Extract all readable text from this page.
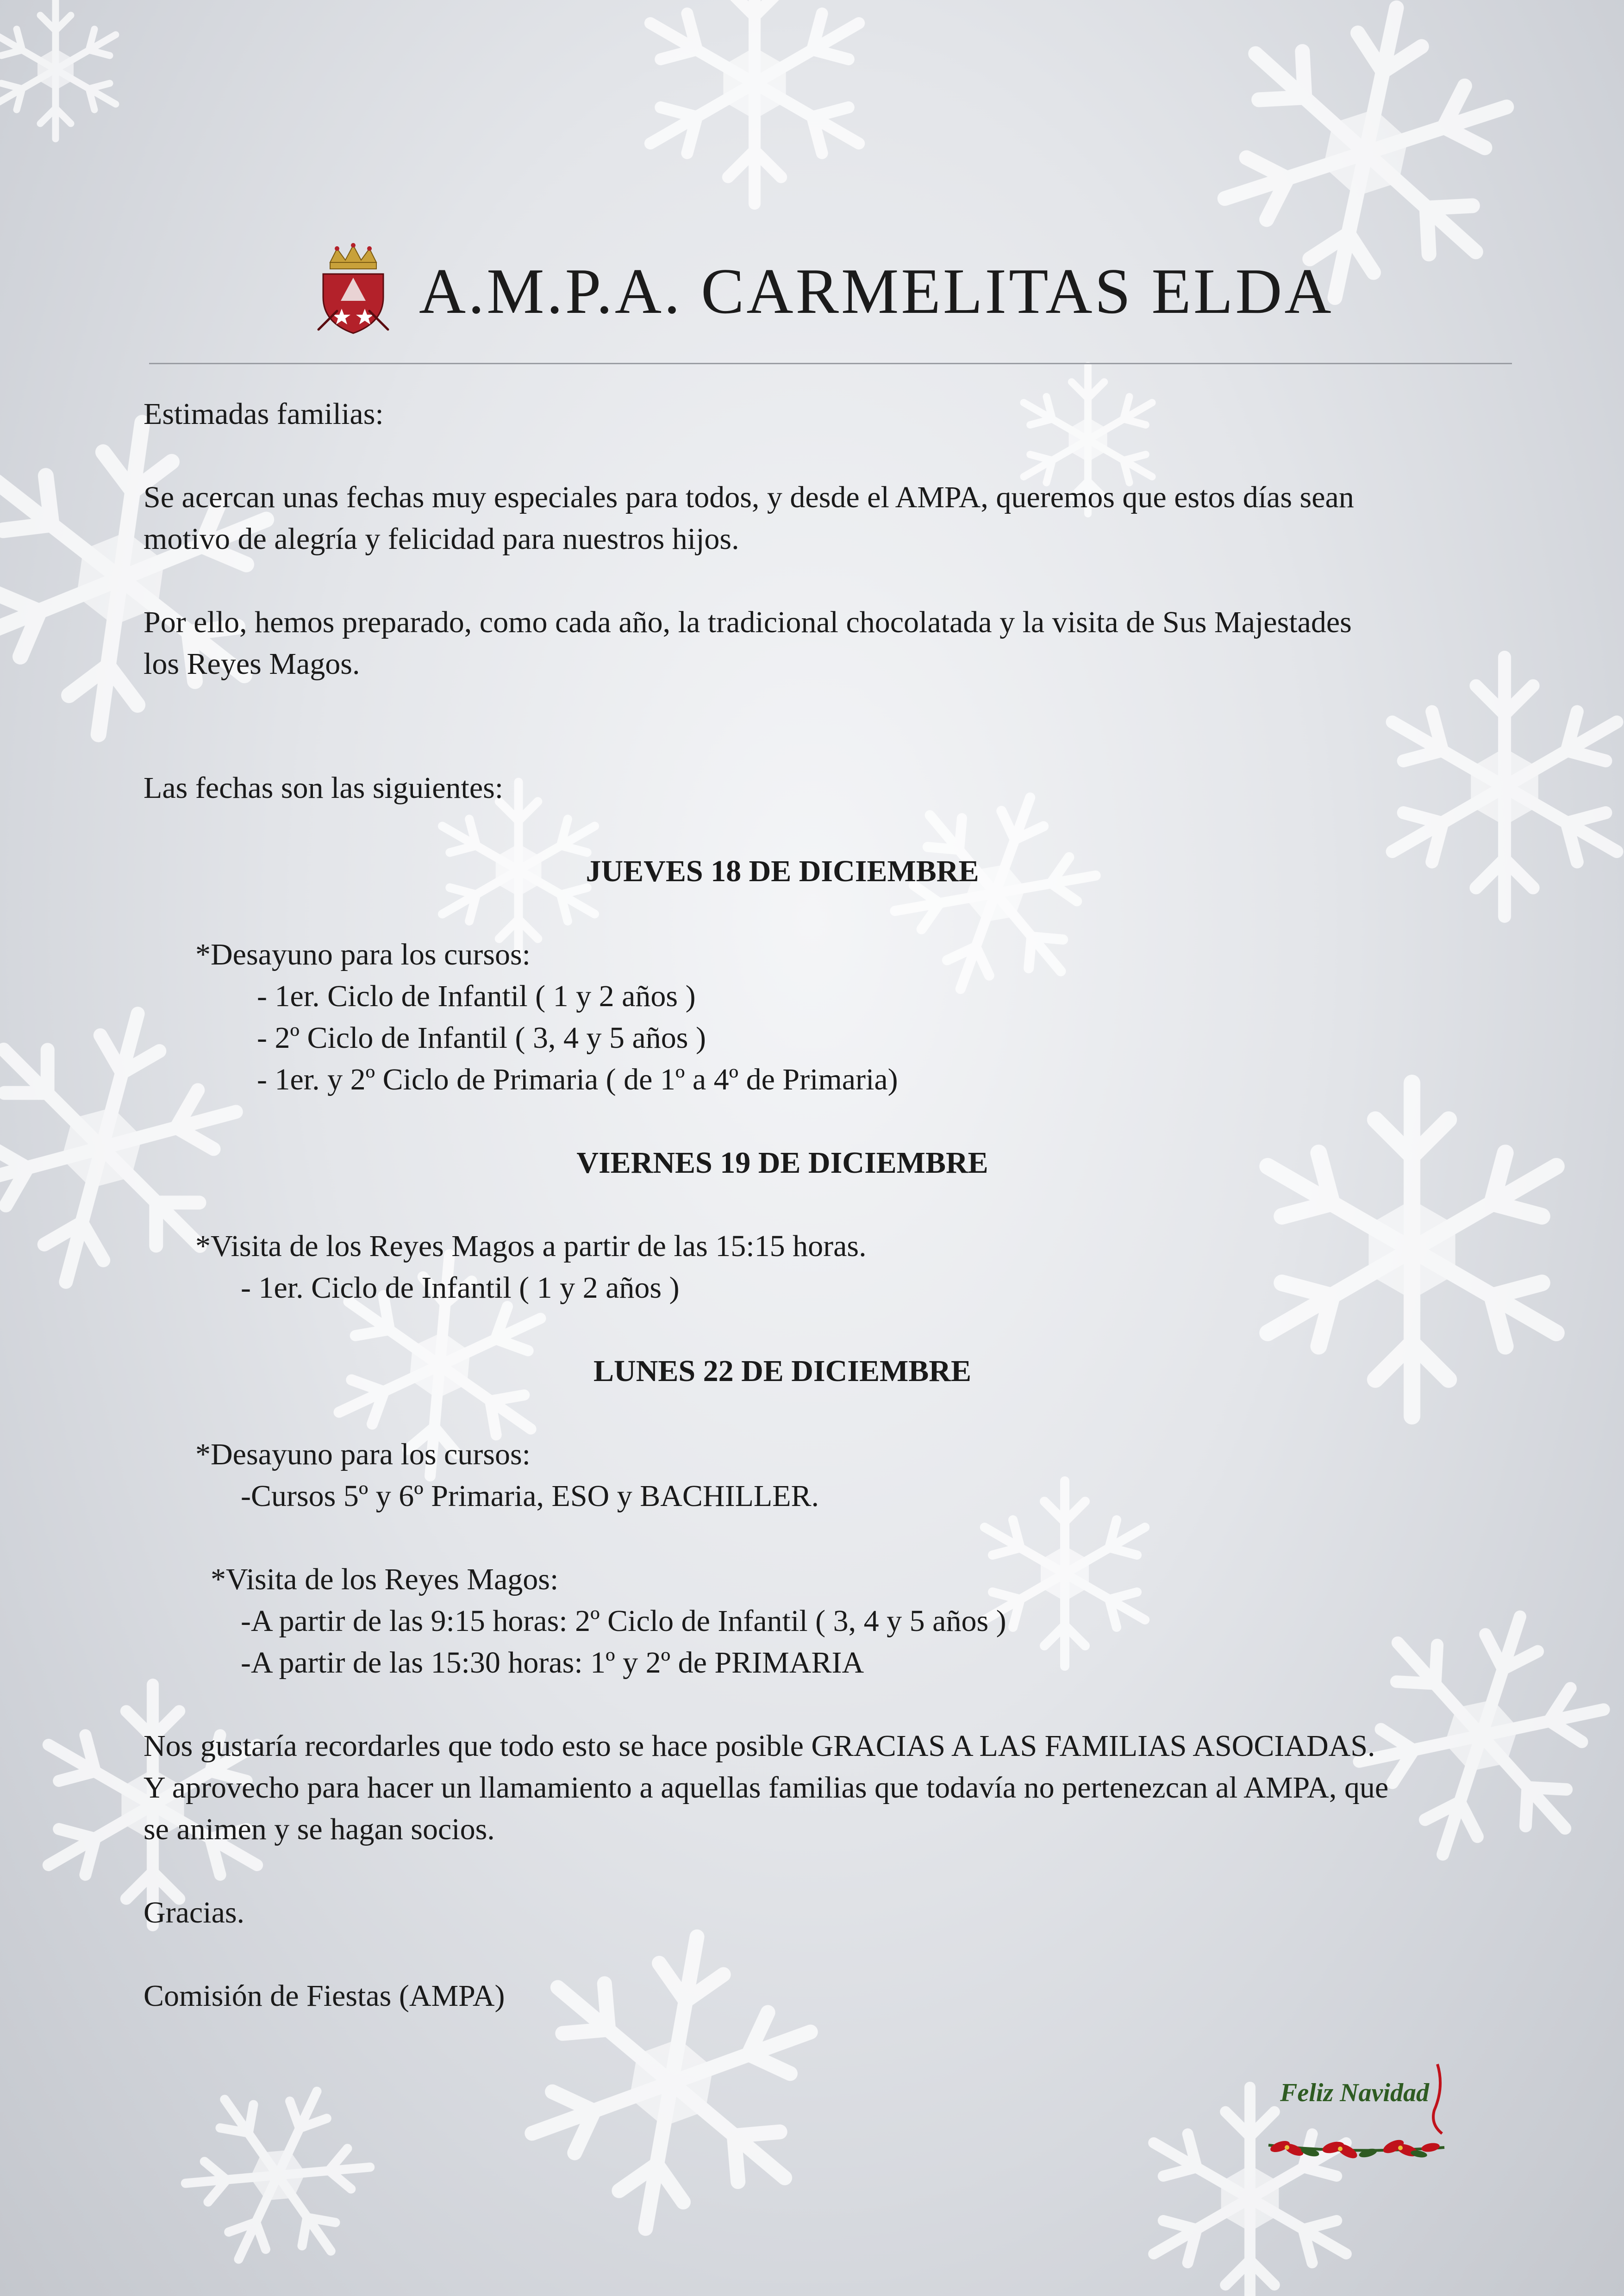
A.M.P.A. CARMELITAS ELDA

Estimadas familias:

Se acercan unas fechas muy especiales para todos, y desde el AMPA, queremos que estos días sean

motivo de alegría y felicidad para nuestros hijos.

Por ello, hemos preparado, como cada año, la tradicional chocolatada y la visita de Sus Majestades

los Reyes Magos.

Las fechas son las siguientes:

JUEVES 18 DE DICIEMBRE

*Desayuno para los cursos:

- 1er. Ciclo de Infantil ( 1 y 2 años )

- 2º Ciclo de Infantil ( 3, 4 y 5 años )

- 1er. y 2º Ciclo de Primaria ( de 1º a 4º de Primaria)

VIERNES 19 DE DICIEMBRE

*Visita de los Reyes Magos a partir de las 15:15 horas.

- 1er. Ciclo de Infantil ( 1 y 2 años )

LUNES 22 DE DICIEMBRE

*Desayuno para los cursos:

-Cursos 5º y 6º Primaria, ESO y BACHILLER.

*Visita de los Reyes Magos:

-A partir de las 9:15 horas: 2º Ciclo de Infantil ( 3, 4 y 5 años )

-A partir de las 15:30 horas: 1º y 2º de PRIMARIA

Nos gustaría recordarles que todo esto se hace posible GRACIAS A LAS FAMILIAS ASOCIADAS.

Y aprovecho para hacer un llamamiento a aquellas familias que todavía no pertenezcan al AMPA, que

se animen y se hagan socios.

Gracias.

Comisión de Fiestas (AMPA)

Feliz Navidad
